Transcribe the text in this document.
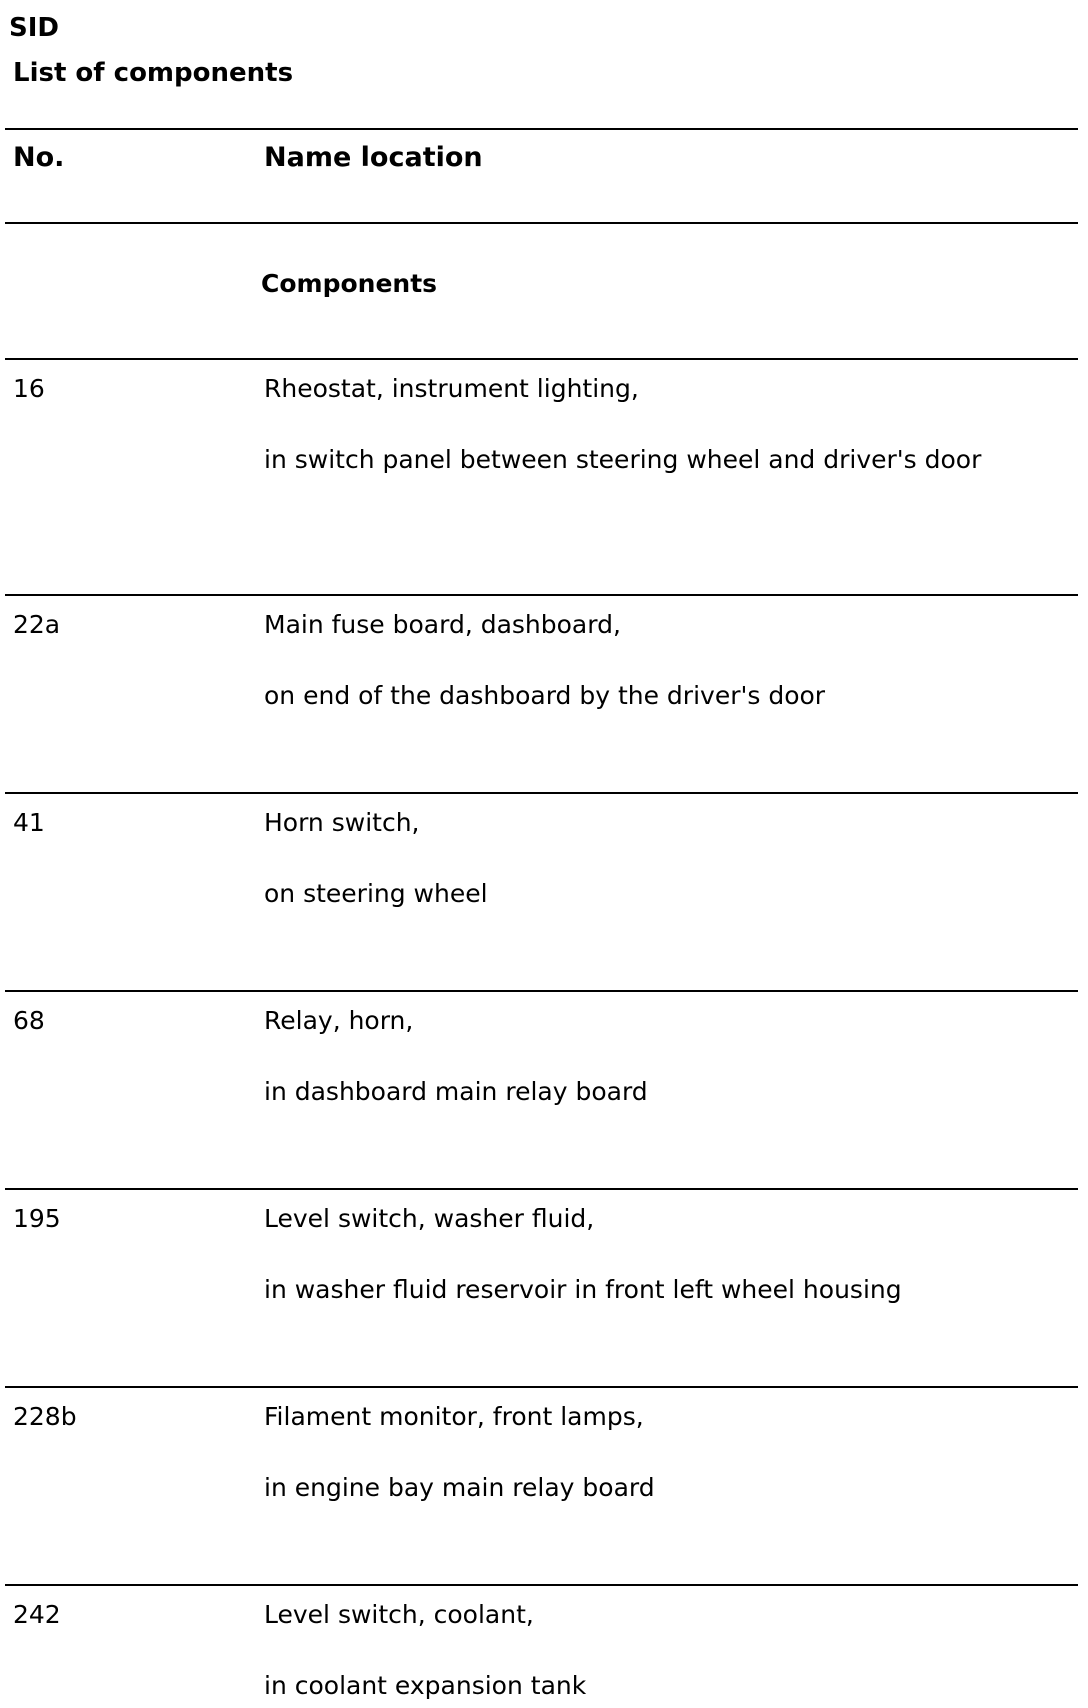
SID
List of components
No.	Name location
Components
16	Rheostat, instrument lighting,
in switch panel between steering wheel and driver's door
22a	Main fuse board, dashboard,
on end of the dashboard by the driver's door
41	Horn switch,
on steering wheel
68	Relay, horn,
in dashboard main relay board
195	Level switch, washer fluid,
in washer fluid reservoir in front left wheel housing
228b	Filament monitor, front lamps,
in engine bay main relay board
242	Level switch, coolant,
in coolant expansion tank
